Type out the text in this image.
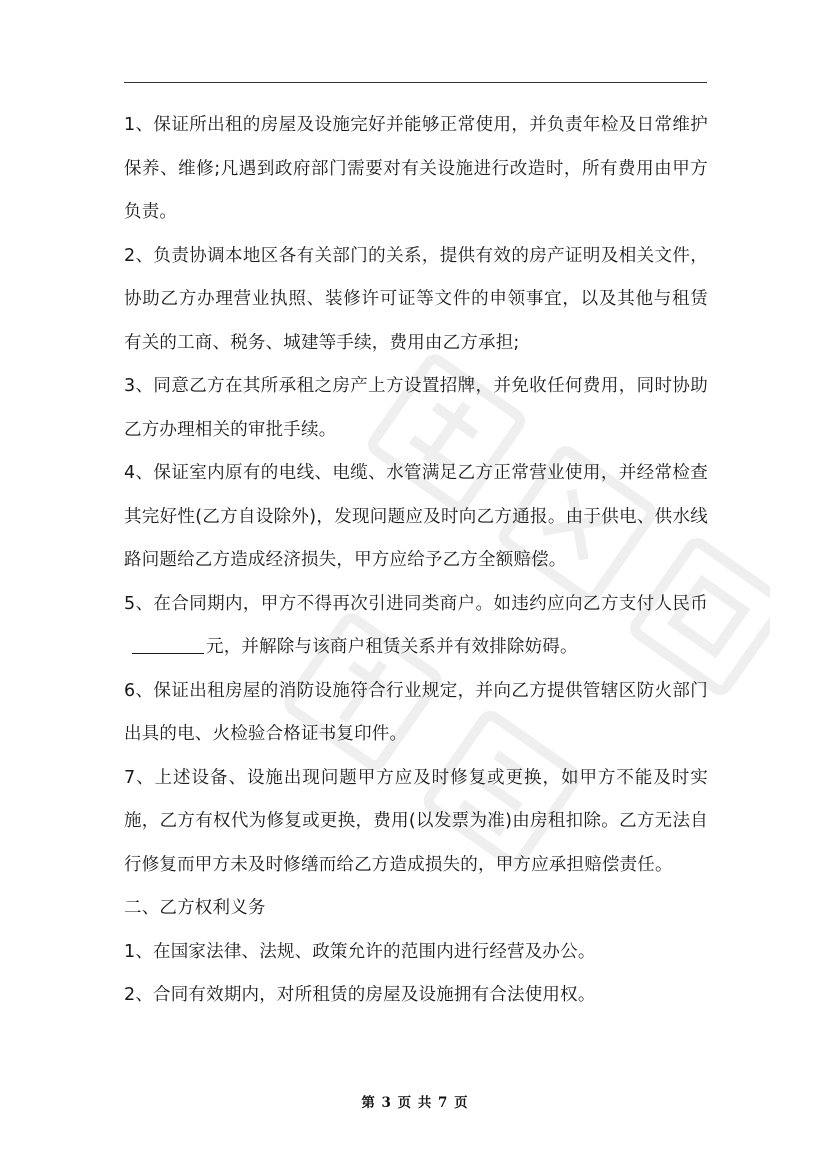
1、保证所出租的房屋及设施完好并能够正常使用，并负责年检及日常维护保养、维修;凡遇到政府部门需要对有关设施进行改造时，所有费用由甲方负责。

2、负责协调本地区各有关部门的关系，提供有效的房产证明及相关文件，协助乙方办理营业执照、装修许可证等文件的申领事宜，以及其他与租赁有关的工商、税务、城建等手续，费用由乙方承担;

3、同意乙方在其所承租之房产上方设置招牌，并免收任何费用，同时协助乙方办理相关的审批手续。

4、保证室内原有的电线、电缆、水管满足乙方正常营业使用，并经常检查其完好性(乙方自设除外)，发现问题应及时向乙方通报。由于供电、供水线路问题给乙方造成经济损失，甲方应给予乙方全额赔偿。

5、在合同期内，甲方不得再次引进同类商户。如违约应向乙方支付人民币元，并解除与该商户租赁关系并有效排除妨碍。

6、保证出租房屋的消防设施符合行业规定，并向乙方提供管辖区防火部门出具的电、火检验合格证书复印件。

7、上述设备、设施出现问题甲方应及时修复或更换，如甲方不能及时实施，乙方有权代为修复或更换，费用(以发票为准)由房租扣除。乙方无法自行修复而甲方未及时修缮而给乙方造成损失的，甲方应承担赔偿责任。

二、乙方权利义务

1、在国家法律、法规、政策允许的范围内进行经营及办公。

2、合同有效期内，对所租赁的房屋及设施拥有合法使用权。

第 3 页 共 7 页
